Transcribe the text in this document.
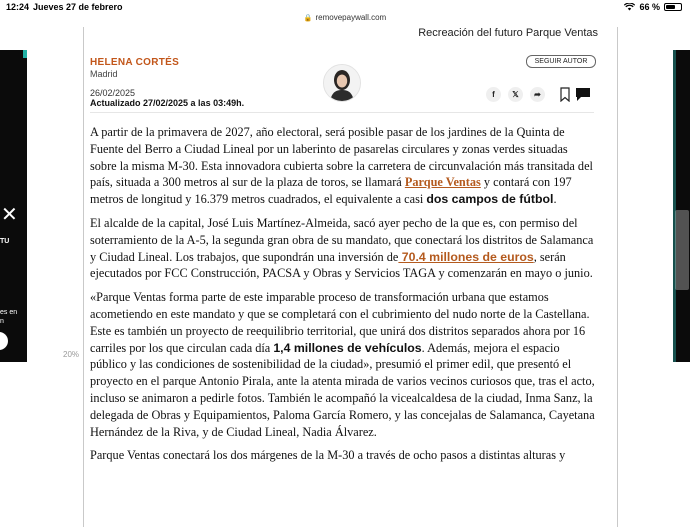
12:24 Jueves 27 de febrero	66 %
🔒 removepaywall.com
✕
TU
es en
n
20%
Recreación del futuro Parque Ventas
HELENA CORTÉS
Madrid
SEGUIR AUTOR
26/02/2025
Actualizado 27/02/2025 a las 03:49h.
f 𝕏 ➦

A partir de la primavera de 2027, año electoral, será posible pasar de los jardines de la Quinta de Fuente del Berro a Ciudad Lineal por un laberinto de pasarelas circulares y zonas verdes situadas sobre la misma M-30. Esta innovadora cubierta sobre la carretera de circunvalación más transitada del país, situada a 300 metros al sur de la plaza de toros, se llamará Parque Ventas y contará con 197 metros de longitud y 16.379 metros cuadrados, el equivalente a casi dos campos de fútbol.

El alcalde de la capital, José Luis Martínez-Almeida, sacó ayer pecho de la que es, con permiso del soterramiento de la A-5, la segunda gran obra de su mandato, que conectará los distritos de Salamanca y Ciudad Lineal. Los trabajos, que supondrán una inversión de 70.4 millones de euros, serán ejecutados por FCC Construcción, PACSA y Obras y Servicios TAGA y comenzarán en mayo o junio.

«Parque Ventas forma parte de este imparable proceso de transformación urbana que estamos acometiendo en este mandato y que se completará con el cubrimiento del nudo norte de la Castellana. Este es también un proyecto de reequilibrio territorial, que unirá dos distritos separados ahora por 16 carriles por los que circulan cada día 1,4 millones de vehículos. Además, mejora el espacio público y las condiciones de sostenibilidad de la ciudad», presumió el primer edil, que presentó el proyecto en el parque Antonio Pirala, ante la atenta mirada de varios vecinos curiosos que, tras el acto, incluso se animaron a pedirle fotos. También le acompañó la vicealcaldesa de la ciudad, Inma Sanz, la delegada de Obras y Equipamientos, Paloma García Romero, y las concejalas de Salamanca, Cayetana Hernández de la Riva, y de Ciudad Lineal, Nadia Álvarez.

Parque Ventas conectará los dos márgenes de la M-30 a través de ocho pasos a distintas alturas y
